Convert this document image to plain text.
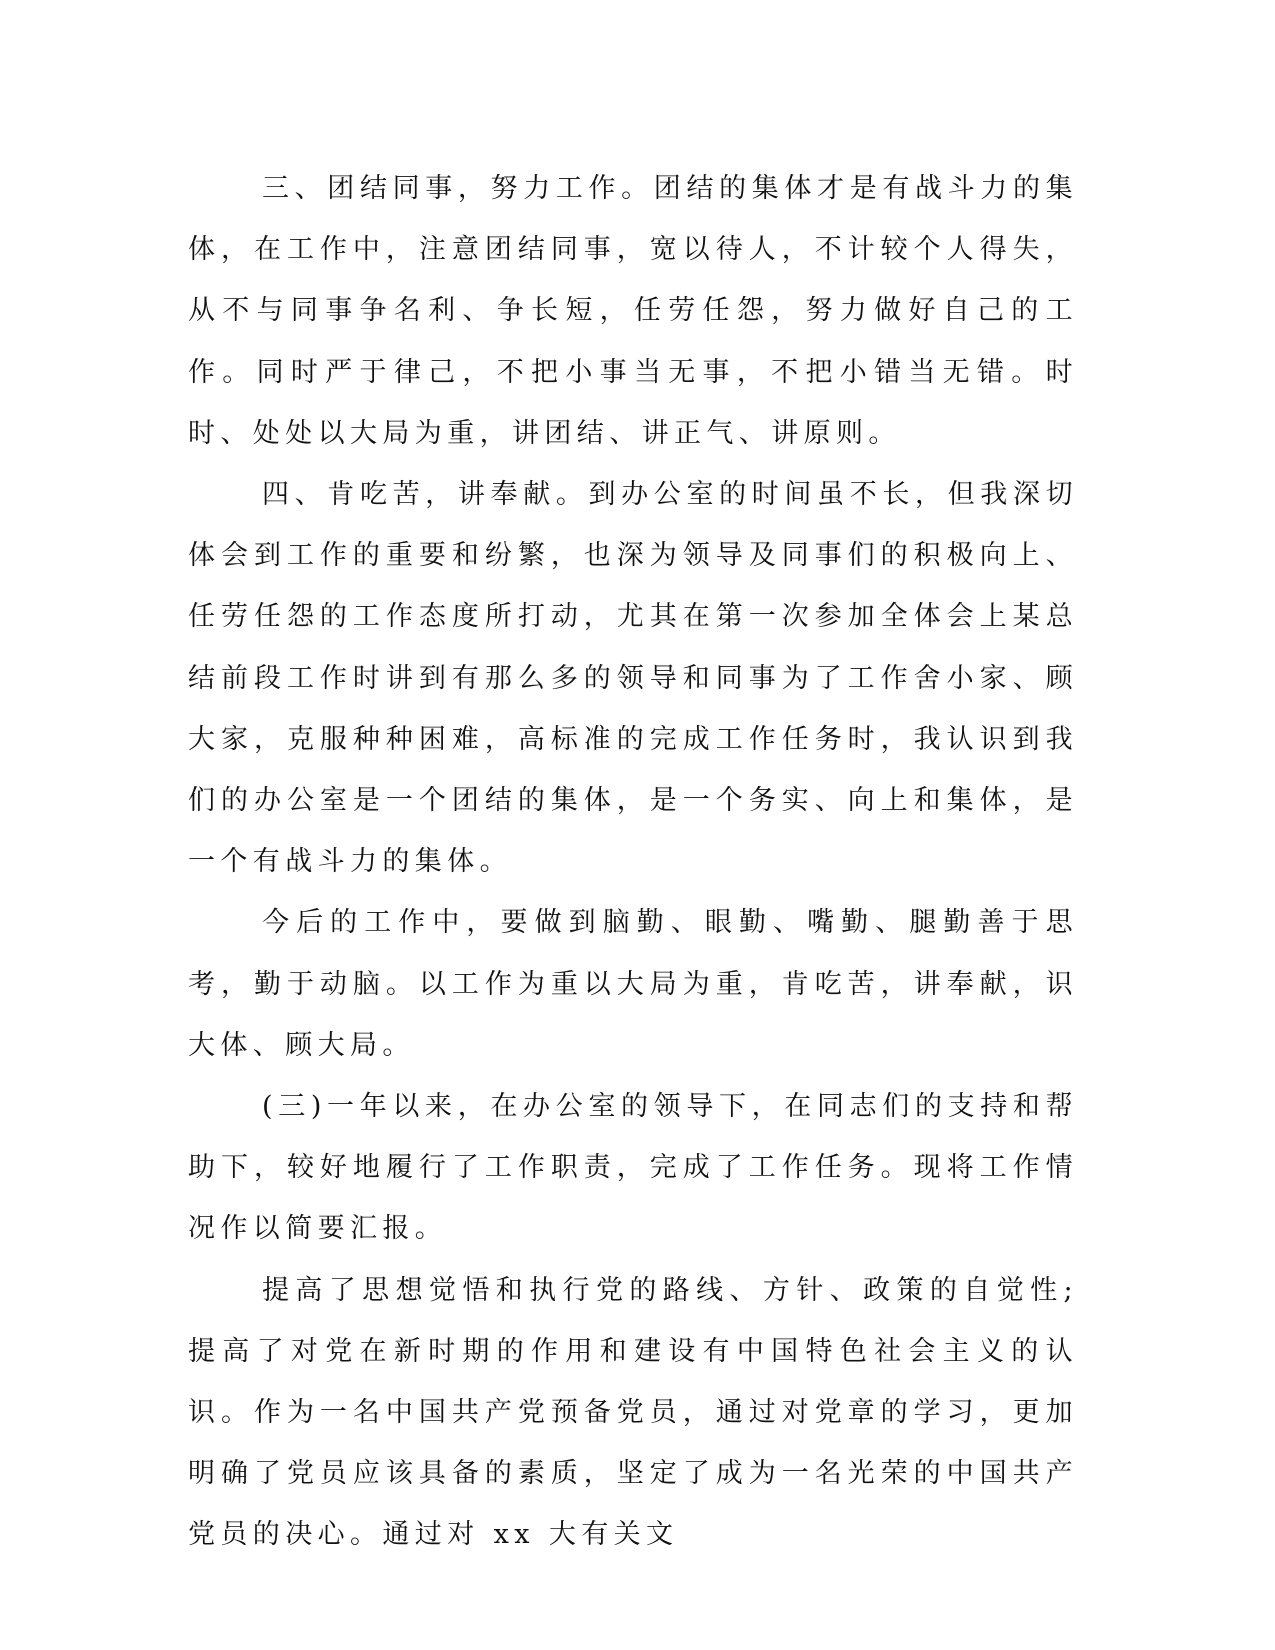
三、团结同事，努力工作。团结的集体才是有战斗力的集体，在工作中，注意团结同事，宽以待人，不计较个人得失，从不与同事争名利、争长短，任劳任怨，努力做好自己的工作。同时严于律己，不把小事当无事，不把小错当无错。时时、处处以大局为重，讲团结、讲正气、讲原则。

四、肯吃苦，讲奉献。到办公室的时间虽不长，但我深切体会到工作的重要和纷繁，也深为领导及同事们的积极向上、任劳任怨的工作态度所打动，尤其在第一次参加全体会上某总结前段工作时讲到有那么多的领导和同事为了工作舍小家、顾大家，克服种种困难，高标准的完成工作任务时，我认识到我们的办公室是一个团结的集体，是一个务实、向上和集体，是一个有战斗力的集体。

今后的工作中，要做到脑勤、眼勤、嘴勤、腿勤善于思考，勤于动脑。以工作为重以大局为重，肯吃苦，讲奉献，识大体、顾大局。

(三)一年以来，在办公室的领导下，在同志们的支持和帮助下，较好地履行了工作职责，完成了工作任务。现将工作情况作以简要汇报。

提高了思想觉悟和执行党的路线、方针、政策的自觉性;提高了对党在新时期的作用和建设有中国特色社会主义的认识。作为一名中国共产党预备党员，通过对党章的学习，更加明确了党员应该具备的素质，坚定了成为一名光荣的中国共产党员的决心。通过对 xx 大有关文
